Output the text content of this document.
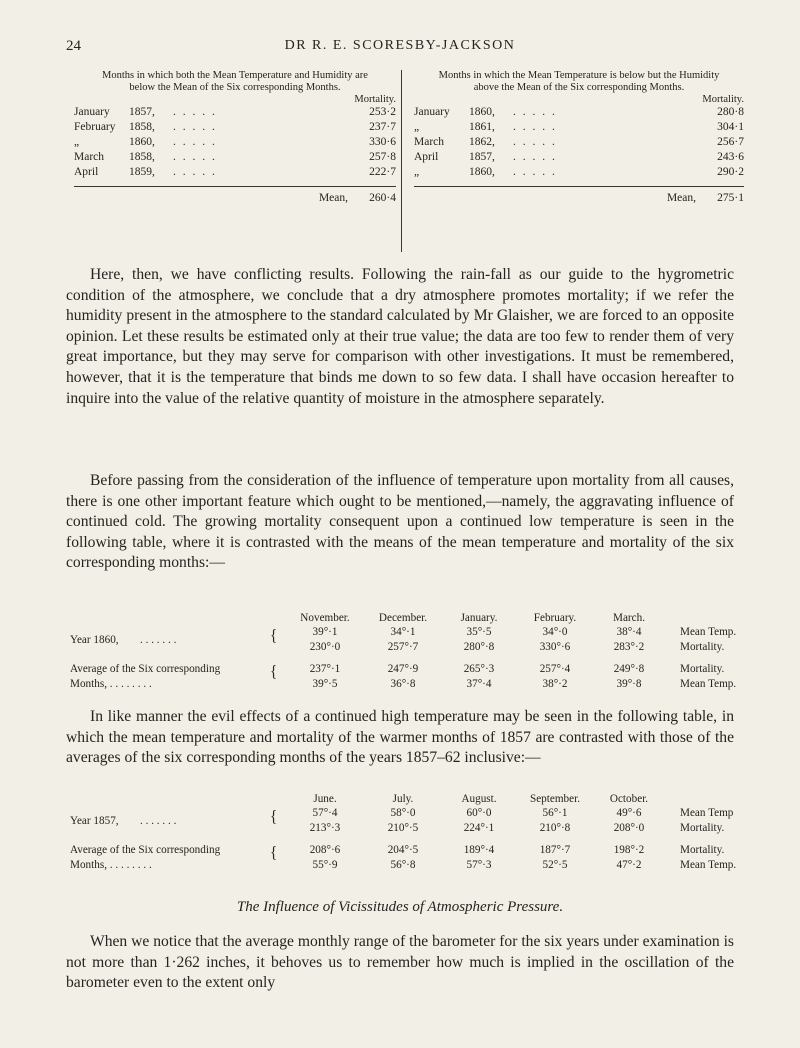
24	DR R. E. SCORESBY-JACKSON
Months in which both the Mean Temperature and Humidity are below the Mean of the Six corresponding Months.
Mortality.
January	1857,	. . . . .	253·2
February	1858,	. . . . .	237·7
„	1860,	. . . . .	330·6
March	1858,	. . . . .	257·8
April	1859,	. . . . .	222·7
Mean,	260·4
Months in which the Mean Temperature is below but the Humidity above the Mean of the Six corresponding Months.
Mortality.
January	1860,	. . . . .	280·8
„	1861,	. . . . .	304·1
March	1862,	. . . . .	256·7
April	1857,	. . . . .	243·6
„	1860,	. . . . .	290·2
Mean,	275·1
Here, then, we have conflicting results. Following the rain-fall as our guide to the hygrometric condition of the atmosphere, we conclude that a dry atmosphere promotes mortality; if we refer the humidity present in the atmosphere to the standard calculated by Mr Glaisher, we are forced to an opposite opinion. Let these results be estimated only at their true value; the data are too few to render them of very great importance, but they may serve for comparison with other investigations. It must be remembered, however, that it is the temperature that binds me down to so few data. I shall have occasion hereafter to inquire into the value of the relative quantity of moisture in the atmosphere separately.
Before passing from the consideration of the influence of temperature upon mortality from all causes, there is one other important feature which ought to be mentioned,—namely, the aggravating influence of continued cold. The growing mortality consequent upon a continued low temperature is seen in the following table, where it is contrasted with the means of the mean temperature and mortality of the six corresponding months:—
November.	December.	January.	February.	March.
Year 1860, . . . . . . .	{	39°·1	34°·1	35°·5	34°·0	38°·4	Mean Temp.
230°·0	257°·7	280°·8	330°·6	283°·2	Mortality.
Average of the Six corresponding
Months, . . . . . . . .
{	237°·1	247°·9	265°·3	257°·4	249°·8	Mortality.
39°·5	36°·8	37°·4	38°·2	39°·8	Mean Temp.
In like manner the evil effects of a continued high temperature may be seen in the following table, in which the mean temperature and mortality of the warmer months of 1857 are contrasted with those of the averages of the six corresponding months of the years 1857–62 inclusive:—
June.	July.	August.	September.	October.
Year 1857, . . . . . . .	{	57°·4	58°·0	60°·0	56°·1	49°·6	Mean Temp
213°·3	210°·5	224°·1	210°·8	208°·0	Mortality.
Average of the Six corresponding
Months, . . . . . . . .
{	208°·6	204°·5	189°·4	187°·7	198°·2	Mortality.
55°·9	56°·8	57°·3	52°·5	47°·2	Mean Temp.
The Influence of Vicissitudes of Atmospheric Pressure.
When we notice that the average monthly range of the barometer for the six years under examination is not more than 1·262 inches, it behoves us to remember how much is implied in the oscillation of the barometer even to the extent only
